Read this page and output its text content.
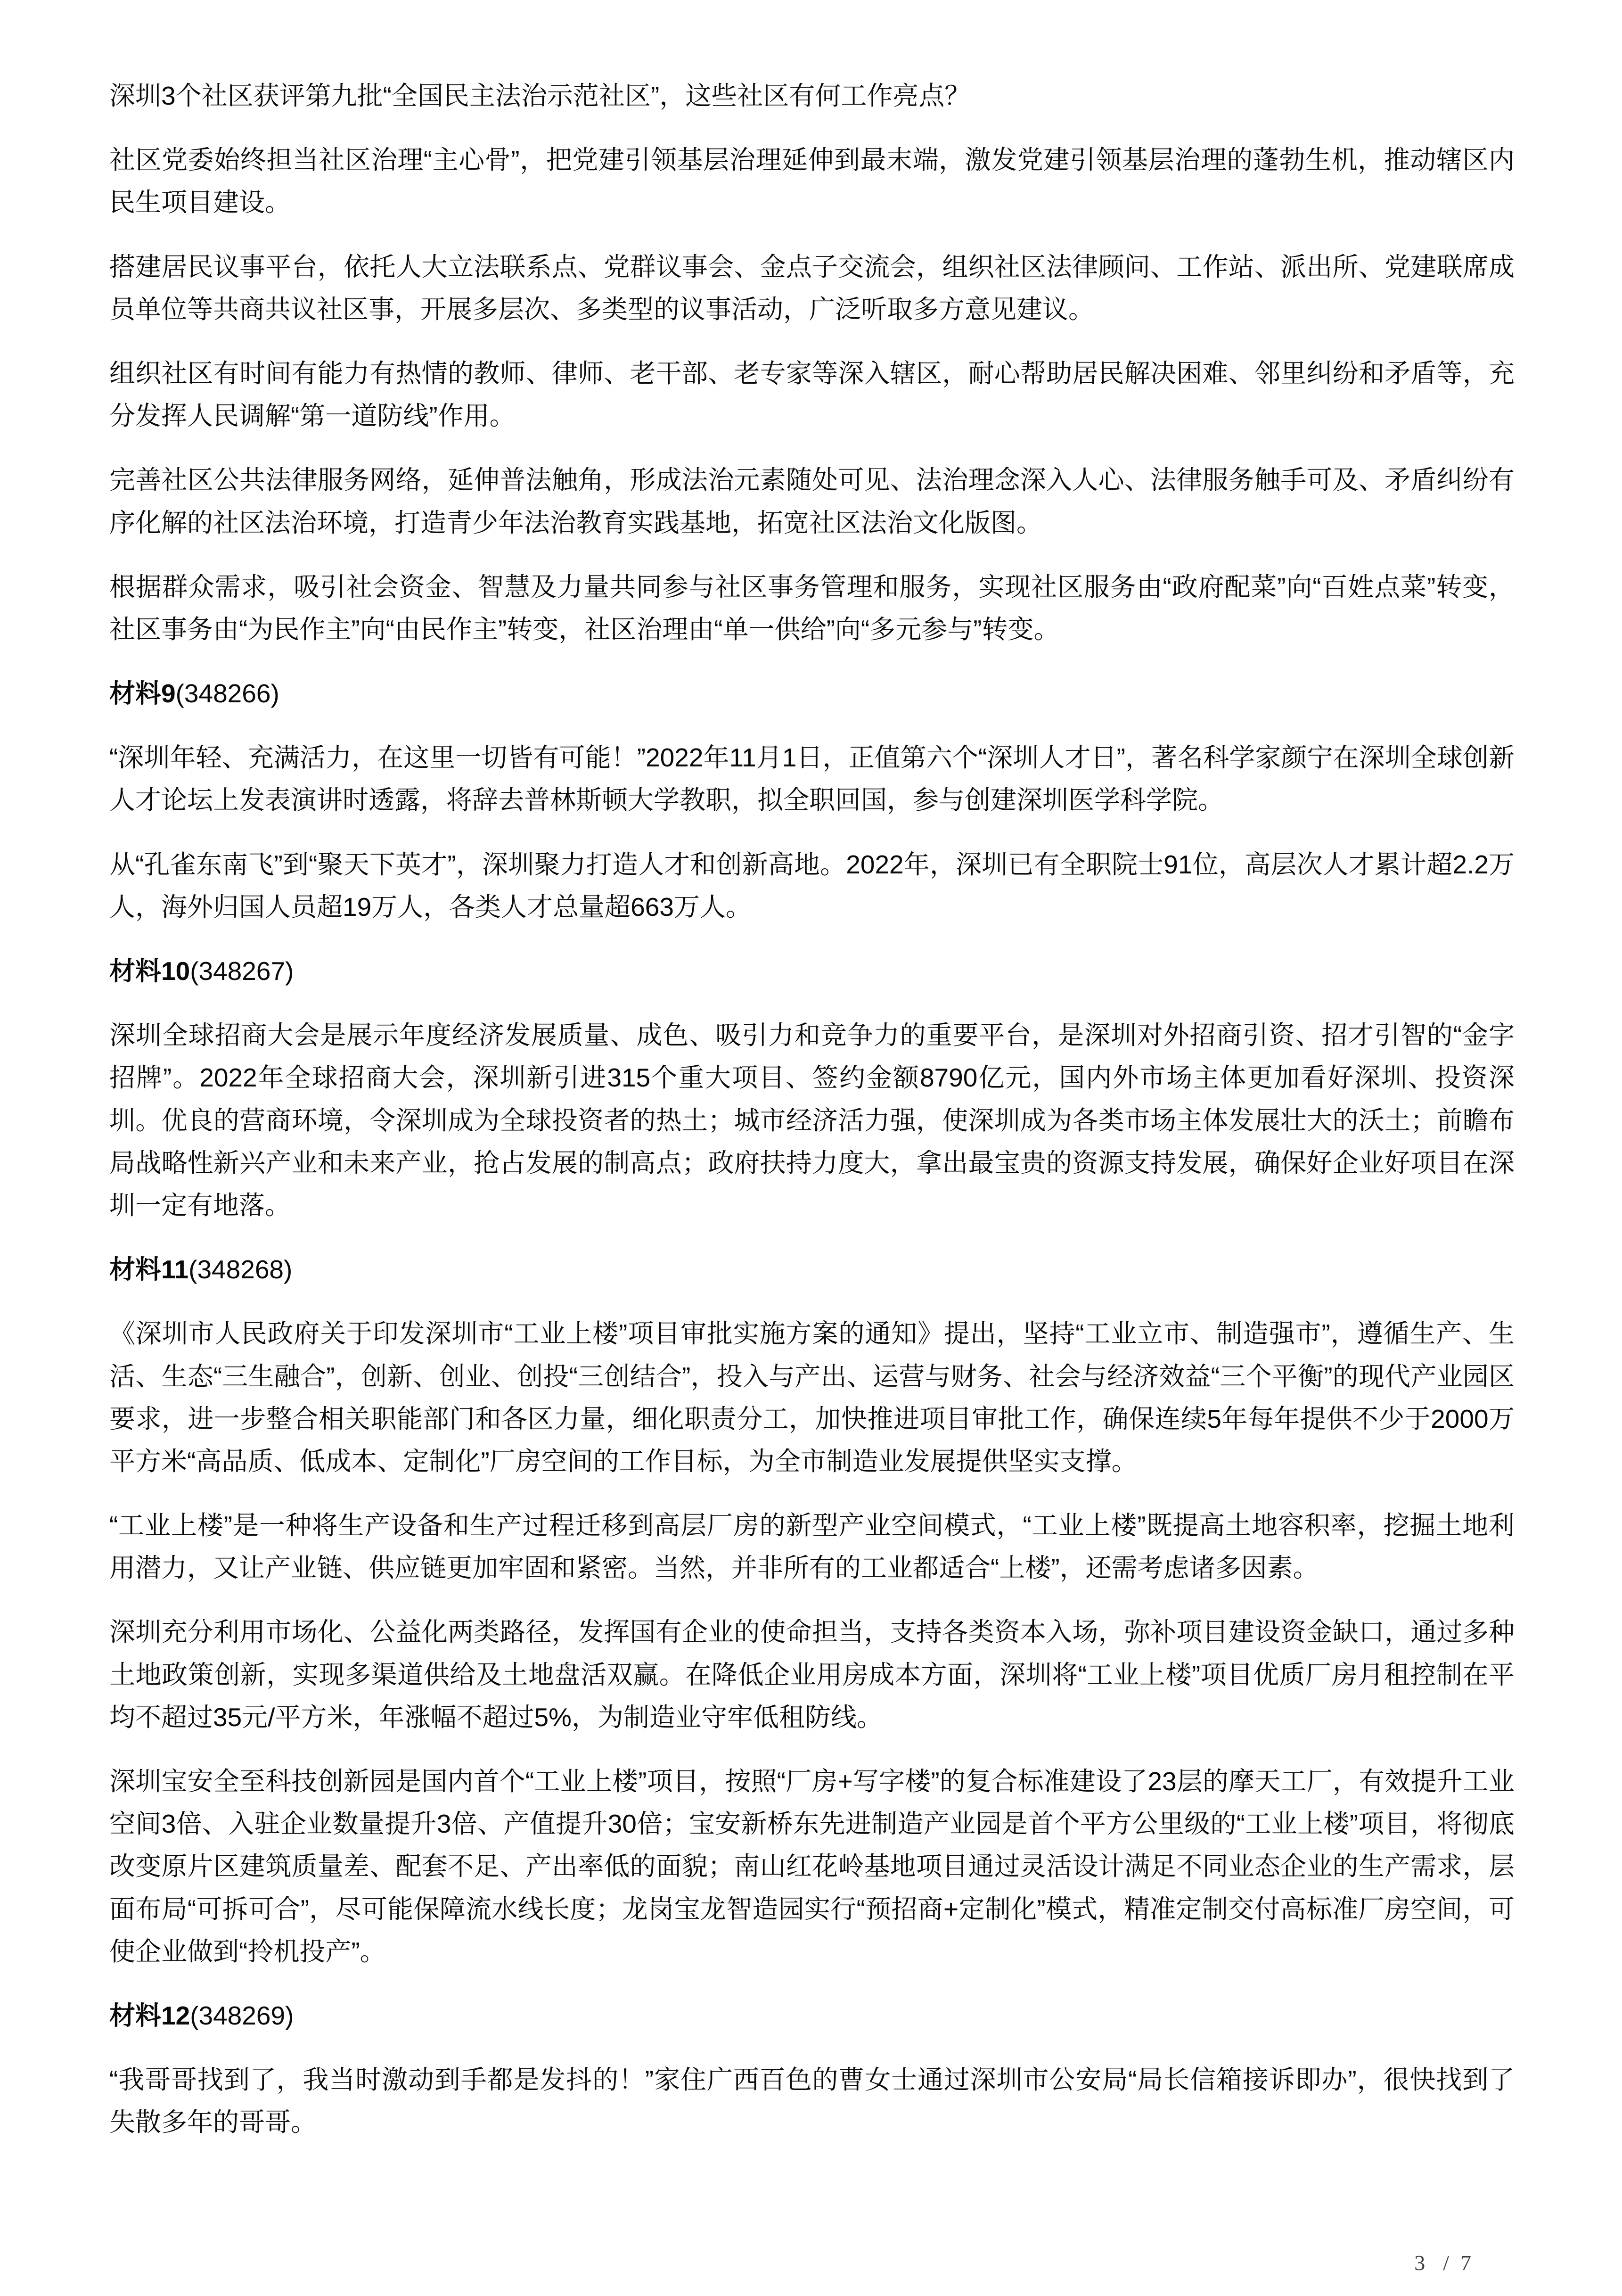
深圳3个社区获评第九批“全国民主法治示范社区”，这些社区有何工作亮点？

社区党委始终担当社区治理“主心骨”，把党建引领基层治理延伸到最末端，激发党建引领基层治理的蓬勃生机，推动辖区内民生项目建设。

搭建居民议事平台，依托人大立法联系点、党群议事会、金点子交流会，组织社区法律顾问、工作站、派出所、党建联席成员单位等共商共议社区事，开展多层次、多类型的议事活动，广泛听取多方意见建议。

组织社区有时间有能力有热情的教师、律师、老干部、老专家等深入辖区，耐心帮助居民解决困难、邻里纠纷和矛盾等，充分发挥人民调解“第一道防线”作用。

完善社区公共法律服务网络，延伸普法触角，形成法治元素随处可见、法治理念深入人心、法律服务触手可及、矛盾纠纷有序化解的社区法治环境，打造青少年法治教育实践基地，拓宽社区法治文化版图。

根据群众需求，吸引社会资金、智慧及力量共同参与社区事务管理和服务，实现社区服务由“政府配菜”向“百姓点菜”转变，社区事务由“为民作主”向“由民作主”转变，社区治理由“单一供给”向“多元参与”转变。

材料9(348266)

“深圳年轻、充满活力，在这里一切皆有可能！”2022年11月1日，正值第六个“深圳人才日”，著名科学家颜宁在深圳全球创新人才论坛上发表演讲时透露，将辞去普林斯顿大学教职，拟全职回国，参与创建深圳医学科学院。

从“孔雀东南飞”到“聚天下英才”，深圳聚力打造人才和创新高地。2022年，深圳已有全职院士91位，高层次人才累计超2.2万人，海外归国人员超19万人，各类人才总量超663万人。

材料10(348267)

深圳全球招商大会是展示年度经济发展质量、成色、吸引力和竞争力的重要平台，是深圳对外招商引资、招才引智的“金字招牌”。2022年全球招商大会，深圳新引进315个重大项目、签约金额8790亿元，国内外市场主体更加看好深圳、投资深圳。优良的营商环境，令深圳成为全球投资者的热土；城市经济活力强，使深圳成为各类市场主体发展壮大的沃土；前瞻布局战略性新兴产业和未来产业，抢占发展的制高点；政府扶持力度大，拿出最宝贵的资源支持发展，确保好企业好项目在深圳一定有地落。

材料11(348268)

《深圳市人民政府关于印发深圳市“工业上楼”项目审批实施方案的通知》提出，坚持“工业立市、制造强市”，遵循生产、生活、生态“三生融合”，创新、创业、创投“三创结合”，投入与产出、运营与财务、社会与经济效益“三个平衡”的现代产业园区要求，进一步整合相关职能部门和各区力量，细化职责分工，加快推进项目审批工作，确保连续5年每年提供不少于2000万平方米“高品质、低成本、定制化”厂房空间的工作目标，为全市制造业发展提供坚实支撑。

“工业上楼”是一种将生产设备和生产过程迁移到高层厂房的新型产业空间模式，“工业上楼”既提高土地容积率，挖掘土地利用潜力，又让产业链、供应链更加牢固和紧密。当然，并非所有的工业都适合“上楼”，还需考虑诸多因素。

深圳充分利用市场化、公益化两类路径，发挥国有企业的使命担当，支持各类资本入场，弥补项目建设资金缺口，通过多种土地政策创新，实现多渠道供给及土地盘活双赢。在降低企业用房成本方面，深圳将“工业上楼”项目优质厂房月租控制在平均不超过35元/平方米，年涨幅不超过5%，为制造业守牢低租防线。

深圳宝安全至科技创新园是国内首个“工业上楼”项目，按照“厂房+写字楼”的复合标准建设了23层的摩天工厂，有效提升工业空间3倍、入驻企业数量提升3倍、产值提升30倍；宝安新桥东先进制造产业园是首个平方公里级的“工业上楼”项目，将彻底改变原片区建筑质量差、配套不足、产出率低的面貌；南山红花岭基地项目通过灵活设计满足不同业态企业的生产需求，层面布局“可拆可合”，尽可能保障流水线长度；龙岗宝龙智造园实行“预招商+定制化”模式，精准定制交付高标准厂房空间，可使企业做到“拎机投产”。

材料12(348269)

“我哥哥找到了，我当时激动到手都是发抖的！”家住广西百色的曹女士通过深圳市公安局“局长信箱接诉即办”，很快找到了失散多年的哥哥。

3 / 7
